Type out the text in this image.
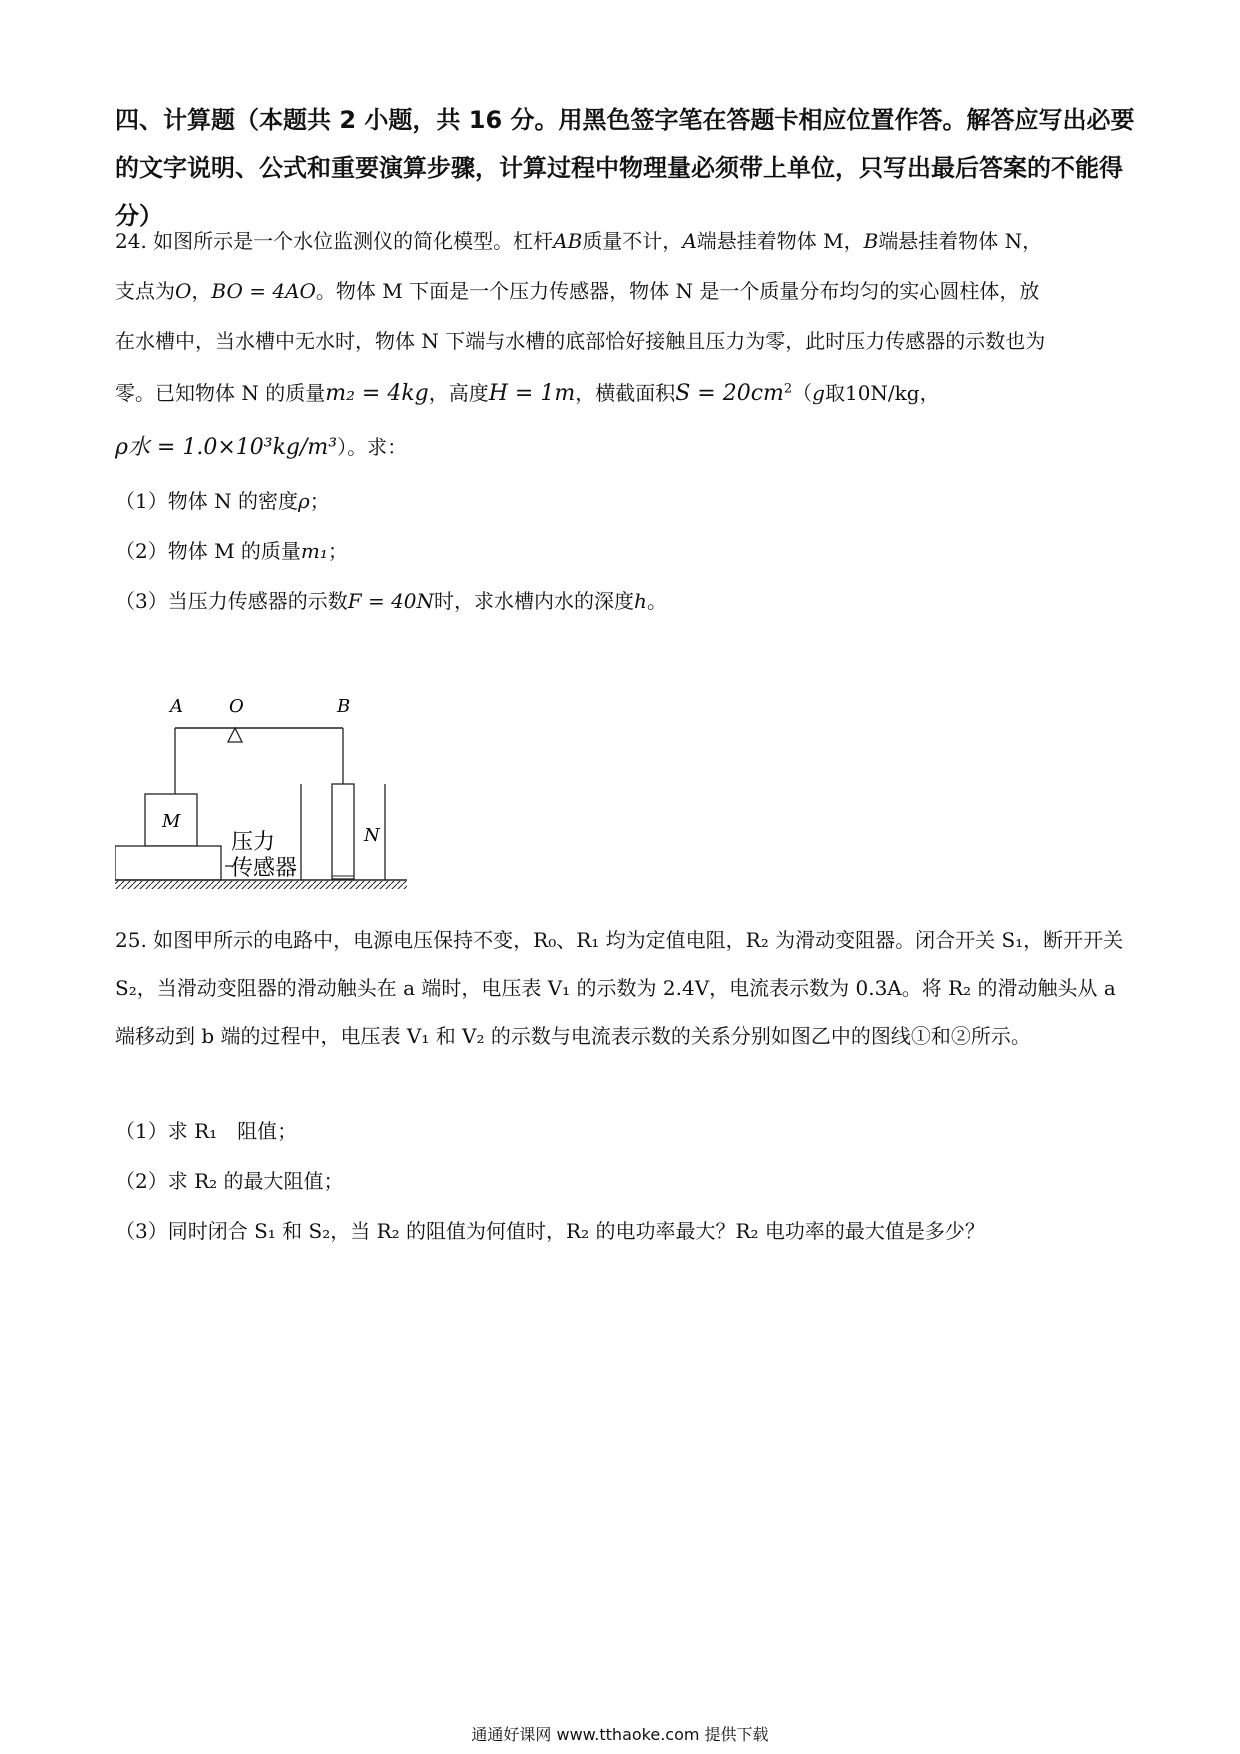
四、计算题（本题共 2 小题，共 16 分。用黑色签字笔在答题卡相应位置作答。解答应写出必要的文字说明、公式和重要演算步骤，计算过程中物理量必须带上单位，只写出最后答案的不能得分）
24. 如图所示是一个水位监测仪的简化模型。杠杆AB质量不计，A端悬挂着物体 M，B端悬挂着物体 N，
支点为O，BO = 4AO。物体 M 下面是一个压力传感器，物体 N 是一个质量分布均匀的实心圆柱体，放
在水槽中，当水槽中无水时，物体 N 下端与水槽的底部恰好接触且压力为零，此时压力传感器的示数也为
零。已知物体 N 的质量m₂ = 4kg，高度H = 1m，横截面积$S = 20cm^2(g$取10N/kg，
ρ水 = 1.0×10³kg/m³）。求：
（1）物体 N 的密度ρ；
（2）物体 M 的质量m₁；
（3）当压力传感器的示数F = 40N时，求水槽内水的深度h。
A	O	B
M
N
压力
传感器
25. 如图甲所示的电路中，电源电压保持不变，R₀、R₁ 均为定值电阻，R₂ 为滑动变阻器。闭合开关 S₁，断开开关 S₂，当滑动变阻器的滑动触头在 a 端时，电压表 V₁ 的示数为 2.4V，电流表示数为 0.3A。将 R₂ 的滑动触头从 a 端移动到 b 端的过程中，电压表 V₁ 和 V₂ 的示数与电流表示数的关系分别如图乙中的图线①和②所示。
（1）求 R₁　阻值；
（2）求 R₂ 的最大阻值；
（3）同时闭合 S₁ 和 S₂，当 R₂ 的阻值为何值时，R₂ 的电功率最大？R₂ 电功率的最大值是多少？
通通好课网 www.tthaoke.com 提供下载
